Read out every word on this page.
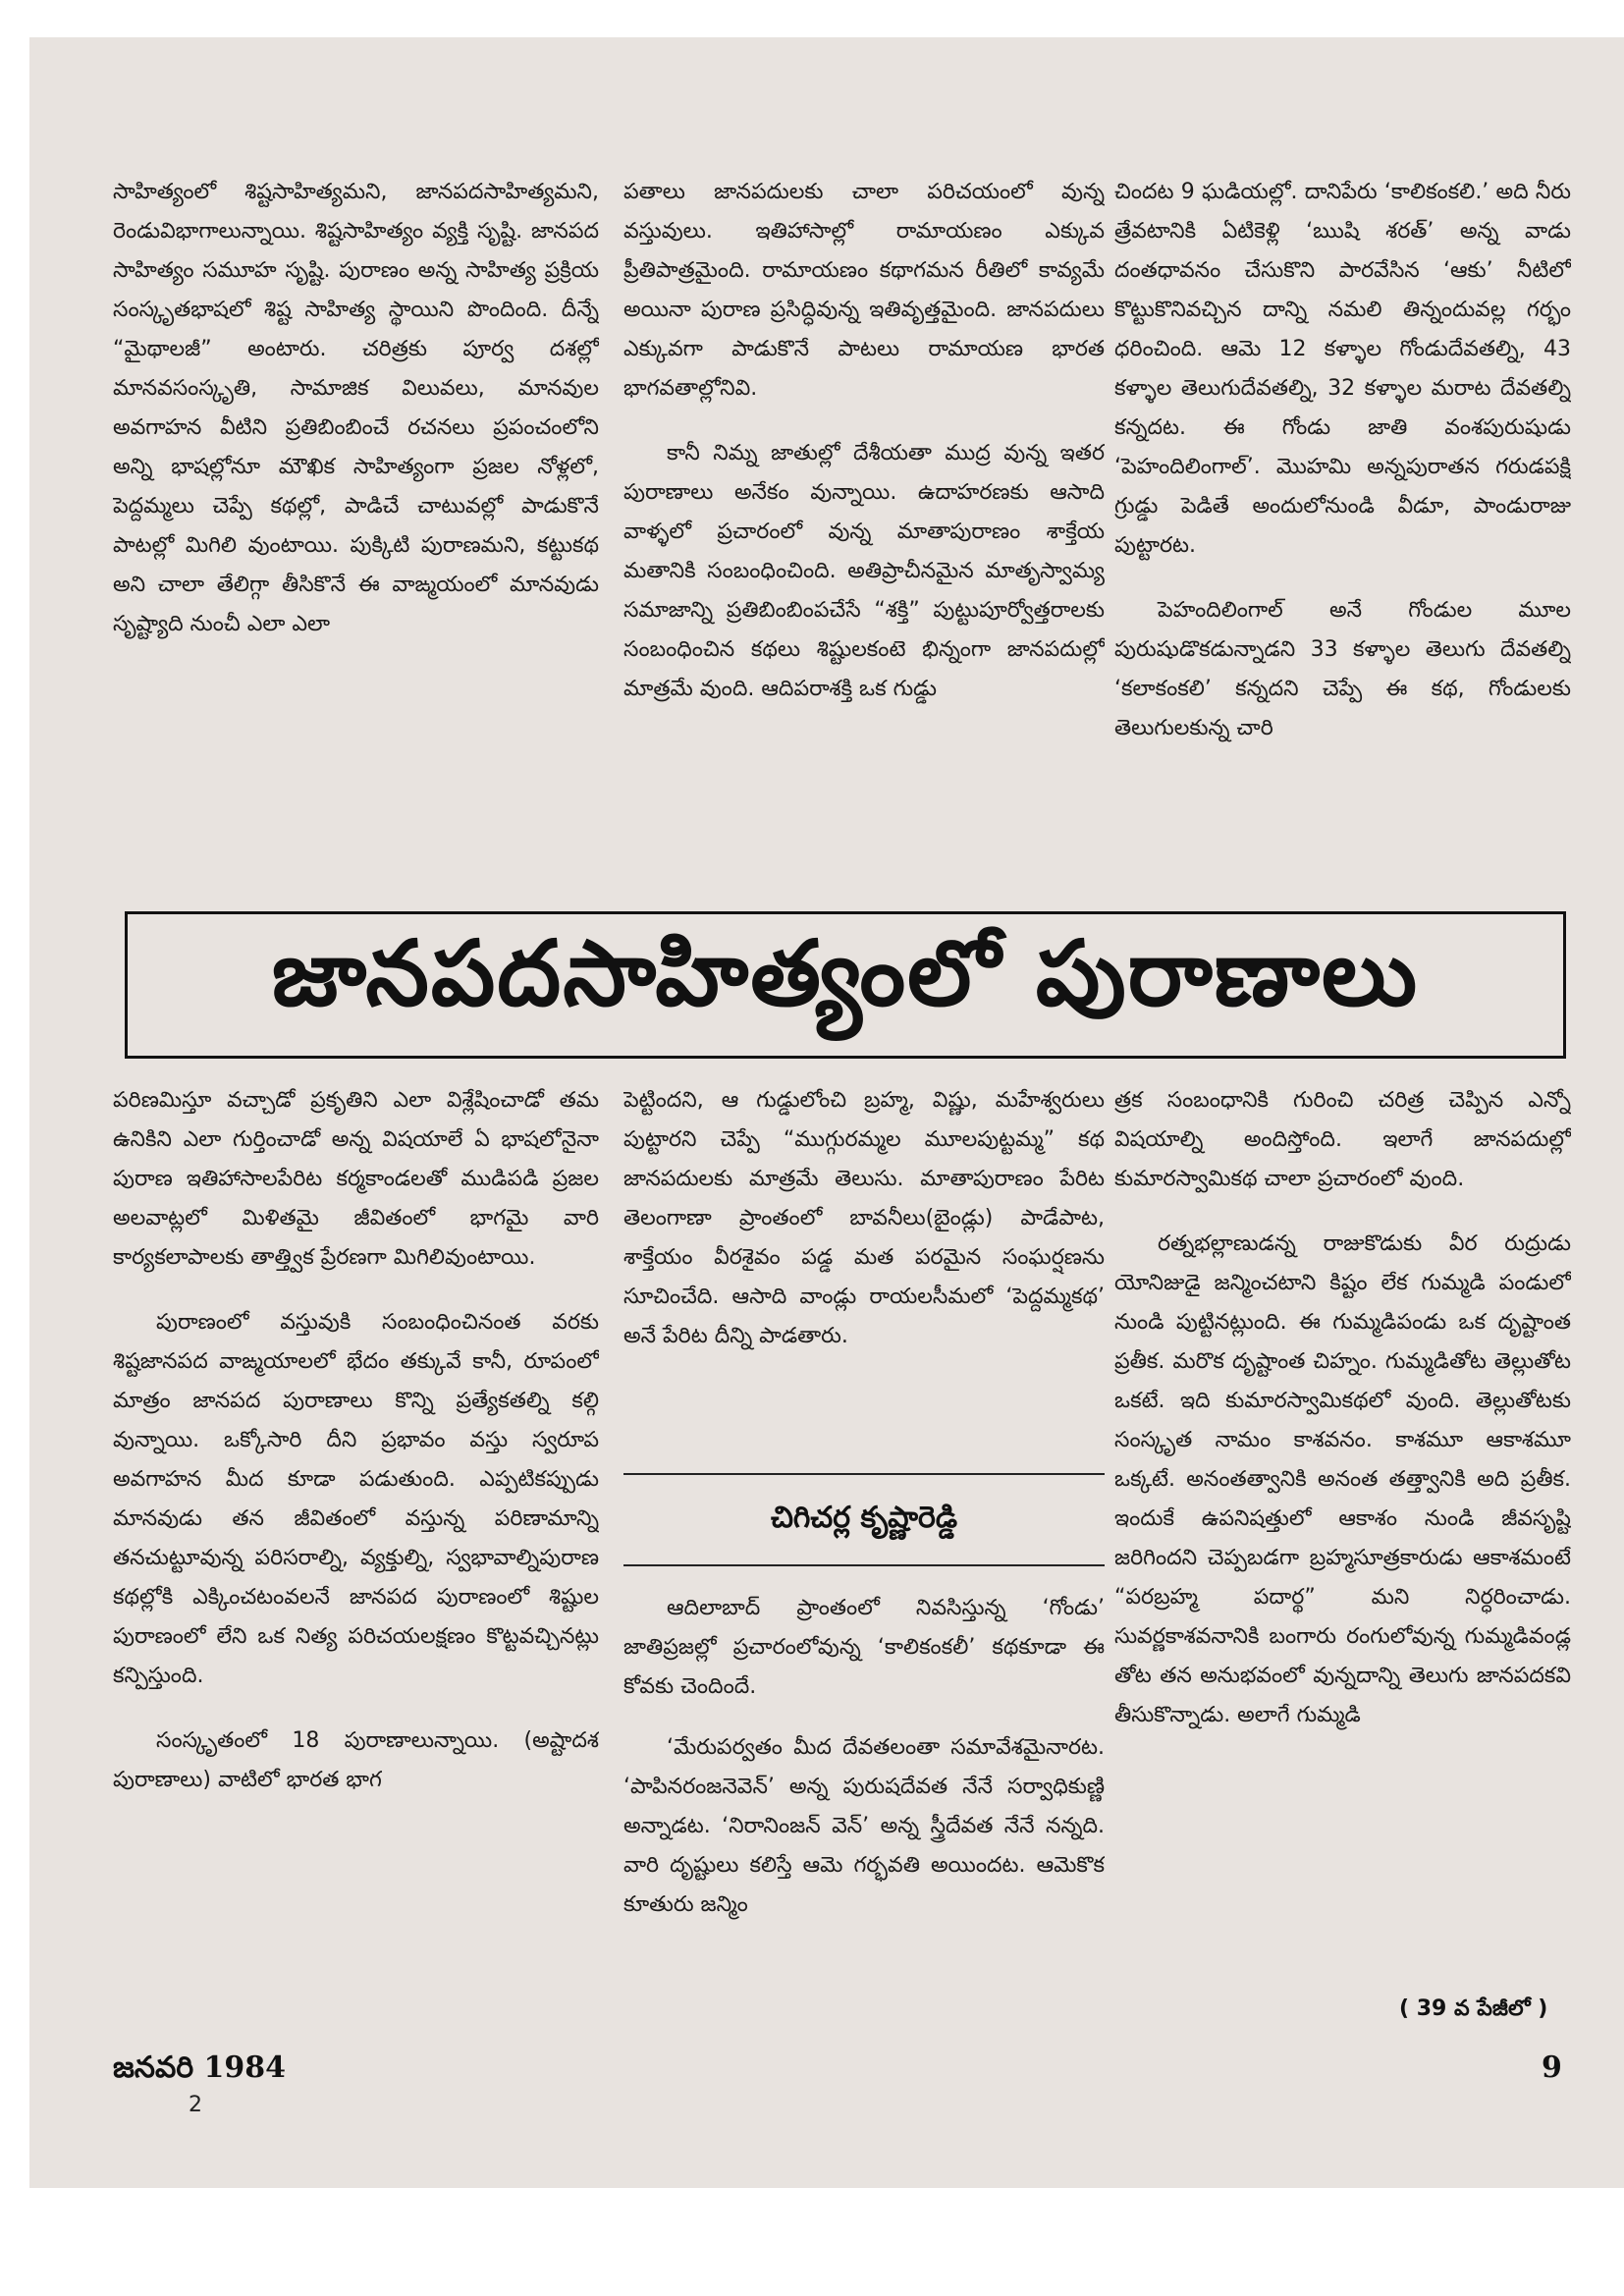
సాహిత్యంలో శిష్టసాహిత్యమని, జానపదసాహిత్యమని, రెండువిభాగాలున్నాయి. శిష్టసాహిత్యం వ్యక్తి సృష్టి. జానపద సాహిత్యం సమూహ సృష్టి. పురాణం అన్న సాహిత్య ప్రక్రియ సంస్కృతభాషలో శిష్ట సాహిత్య స్థాయిని పొందింది. దీన్నే “మైథాలజీ” అంటారు. చరిత్రకు పూర్వ దశల్లో మానవసంస్కృతి, సామాజిక విలువలు, మానవుల అవగాహన వీటిని ప్రతిబింబించే రచనలు ప్రపంచంలోని అన్ని భాషల్లోనూ మౌఖిక సాహిత్యంగా ప్రజల నోళ్లలో, పెద్దమ్మలు చెప్పే కథల్లో, పాడిచే చాటువల్లో పాడుకొనే పాటల్లో మిగిలి వుంటాయి. పుక్కిటి పురాణమని, కట్టుకథ అని చాలా తేలిగ్గా తీసికొనే ఈ వాఙ్మయంలో మానవుడు సృష్ట్యాది నుంచీ ఎలా ఎలా

పతాలు జానపదులకు చాలా పరిచయంలో వున్న వస్తువులు. ఇతిహాసాల్లో రామాయణం ఎక్కువ ప్రీతిపాత్రమైంది. రామాయణం కథాగమన రీతిలో కావ్యమే అయినా పురాణ ప్రసిద్ధివున్న ఇతివృత్తమైంది. జానపదులు ఎక్కువగా పాడుకొనే పాటలు రామాయణ భారత భాగవతాల్లోనివి.

కానీ నిమ్న జాతుల్లో దేశీయతా ముద్ర వున్న ఇతర పురాణాలు అనేకం వున్నాయి. ఉదాహరణకు ఆసాది వాళ్ళలో ప్రచారంలో వున్న మాతాపురాణం శాక్తేయ మతానికి సంబంధించింది. అతిప్రాచీనమైన మాతృస్వామ్య సమాజాన్ని ప్రతిబింబింపచేసే “శక్తి” పుట్టుపూర్వోత్తరాలకు సంబంధించిన కథలు శిష్టులకంటె భిన్నంగా జానపదుల్లో మాత్రమే వుంది. ఆదిపరాశక్తి ఒక గుడ్డు

చిందట 9 ఘడియల్లో. దానిపేరు ‘కాలికంకలి.’ అది నీరు త్రేవటానికి ఏటికెళ్లి ‘ఋషి శరత్’ అన్న వాడు దంతధావనం చేసుకొని పారవేసిన ‘ఆకు’ నీటిలో కొట్టుకొనివచ్చిన దాన్ని నమలి తిన్నందువల్ల గర్భం ధరించింది. ఆమె 12 కళ్ళాల గోండుదేవతల్ని, 43 కళ్ళాల తెలుగుదేవతల్ని, 32 కళ్ళాల మరాట దేవతల్ని కన్నదట. ఈ గోండు జాతి వంశపురుషుడు ‘పెహందిలింగాల్’. మొహమి అన్నపురాతన గరుడపక్షి గ్రుడ్డు పెడితే అందులోనుండి వీడూ, పాండురాజు పుట్టారట.

పెహందిలింగాల్ అనే గోండుల మూల పురుషుడొకడున్నాడని 33 కళ్ళాల తెలుగు దేవతల్ని ‘కలాకంకలి’ కన్నదని చెప్పే ఈ కథ, గోండులకు తెలుగులకున్న చారి

జానపదసాహిత్యంలో పురాణాలు

పరిణమిస్తూ వచ్చాడో ప్రకృతిని ఎలా విశ్లేషించాడో తమ ఉనికిని ఎలా గుర్తించాడో అన్న విషయాలే ఏ భాషలోనైనా పురాణ ఇతిహాసాలపేరిట కర్మకాండలతో ముడిపడి ప్రజల అలవాట్లలో మిళితమై జీవితంలో భాగమై వారి కార్యకలాపాలకు తాత్త్విక ప్రేరణగా మిగిలివుంటాయి.

పురాణంలో వస్తువుకి సంబంధించినంత వరకు శిష్టజానపద వాఙ్మయాలలో భేదం తక్కువే కానీ, రూపంలో మాత్రం జానపద పురాణాలు కొన్ని ప్రత్యేకతల్ని కల్గి వున్నాయి. ఒక్కోసారి దీని ప్రభావం వస్తు స్వరూప అవగాహన మీద కూడా పడుతుంది. ఎప్పటికప్పుడు మానవుడు తన జీవితంలో వస్తున్న పరిణామాన్ని తనచుట్టూవున్న పరిసరాల్ని, వ్యక్తుల్ని, స్వభావాల్నిపురాణ కథల్లోకి ఎక్కించటంవలనే జానపద పురాణంలో శిష్టుల పురాణంలో లేని ఒక నిత్య పరిచయలక్షణం కొట్టవచ్చినట్లు కన్పిస్తుంది.

సంస్కృతంలో 18 పురాణాలున్నాయి. (అష్టాదశ పురాణాలు) వాటిలో భారత భాగ

పెట్టిందని, ఆ గుడ్డులోంచి బ్రహ్మ, విష్ణు, మహేశ్వరులు పుట్టారని చెప్పే “ముగ్గురమ్మల మూలపుట్టమ్మ” కథ జానపదులకు మాత్రమే తెలుసు. మాతాపురాణం పేరిట తెలంగాణా ప్రాంతంలో బావనీలు(బైండ్లు) పాడేపాట, శాక్తేయం వీరశైవం పడ్డ మత పరమైన సంఘర్షణను సూచించేది. ఆసాది వాండ్లు రాయలసీమలో ‘పెద్దమ్మకథ’ అనే పేరిట దీన్ని పాడతారు.

చిగిచర్ల కృష్ణారెడ్డి

ఆదిలాబాద్ ప్రాంతంలో నివసిస్తున్న ‘గోండు’ జాతిప్రజల్లో ప్రచారంలోవున్న ‘కాలికంకలీ’ కథకూడా ఈ కోవకు చెందిందే.

‘మేరుపర్వతం మీద దేవతలంతా సమావేశమైనారట. ‘పాపినరంజనెవెన్’ అన్న పురుషదేవత నేనే సర్వాధికుణ్ణి అన్నాడట. ‘నిరానింజన్ వెన్’ అన్న స్త్రీదేవత నేనే నన్నది. వారి దృష్టులు కలిస్తే ఆమె గర్భవతి అయిందట. ఆమెకొక కూతురు జన్మిం

త్రక సంబంధానికి గురించి చరిత్ర చెప్పిన ఎన్నో విషయాల్ని అందిస్తోంది. ఇలాగే జానపదుల్లో కుమారస్వామికథ చాలా ప్రచారంలో వుంది.

రత్నభల్లాణుడన్న రాజుకొడుకు వీర రుద్రుడు యోనిజుడై జన్మించటాని కిష్టం లేక గుమ్మడి పండులో నుండి పుట్టినట్లుంది. ఈ గుమ్మడిపండు ఒక దృష్టాంత ప్రతీక. మరొక దృష్టాంత చిహ్నం. గుమ్మడితోట తెల్లుతోట ఒకటే. ఇది కుమారస్వామికథలో వుంది. తెల్లుతోటకు సంస్కృత నామం కాశవనం. కాశమూ ఆకాశమూ ఒక్కటే. అనంతత్వానికి అనంత తత్త్వానికి అది ప్రతీక. ఇందుకే ఉపనిషత్తులో ఆకాశం నుండి జీవసృష్టి జరిగిందని చెప్పబడగా బ్రహ్మసూత్రకారుడు ఆకాశమంటే “పరబ్రహ్మ పదార్థ” మని నిర్ధరించాడు. సువర్ణకాశవనానికి బంగారు రంగులోవున్న గుమ్మడివండ్ల తోట తన అనుభవంలో వున్నదాన్ని తెలుగు జానపదకవి తీసుకొన్నాడు. అలాగే గుమ్మడి

( 39 వ పేజీలో )
జనవరి 1984
2
9
